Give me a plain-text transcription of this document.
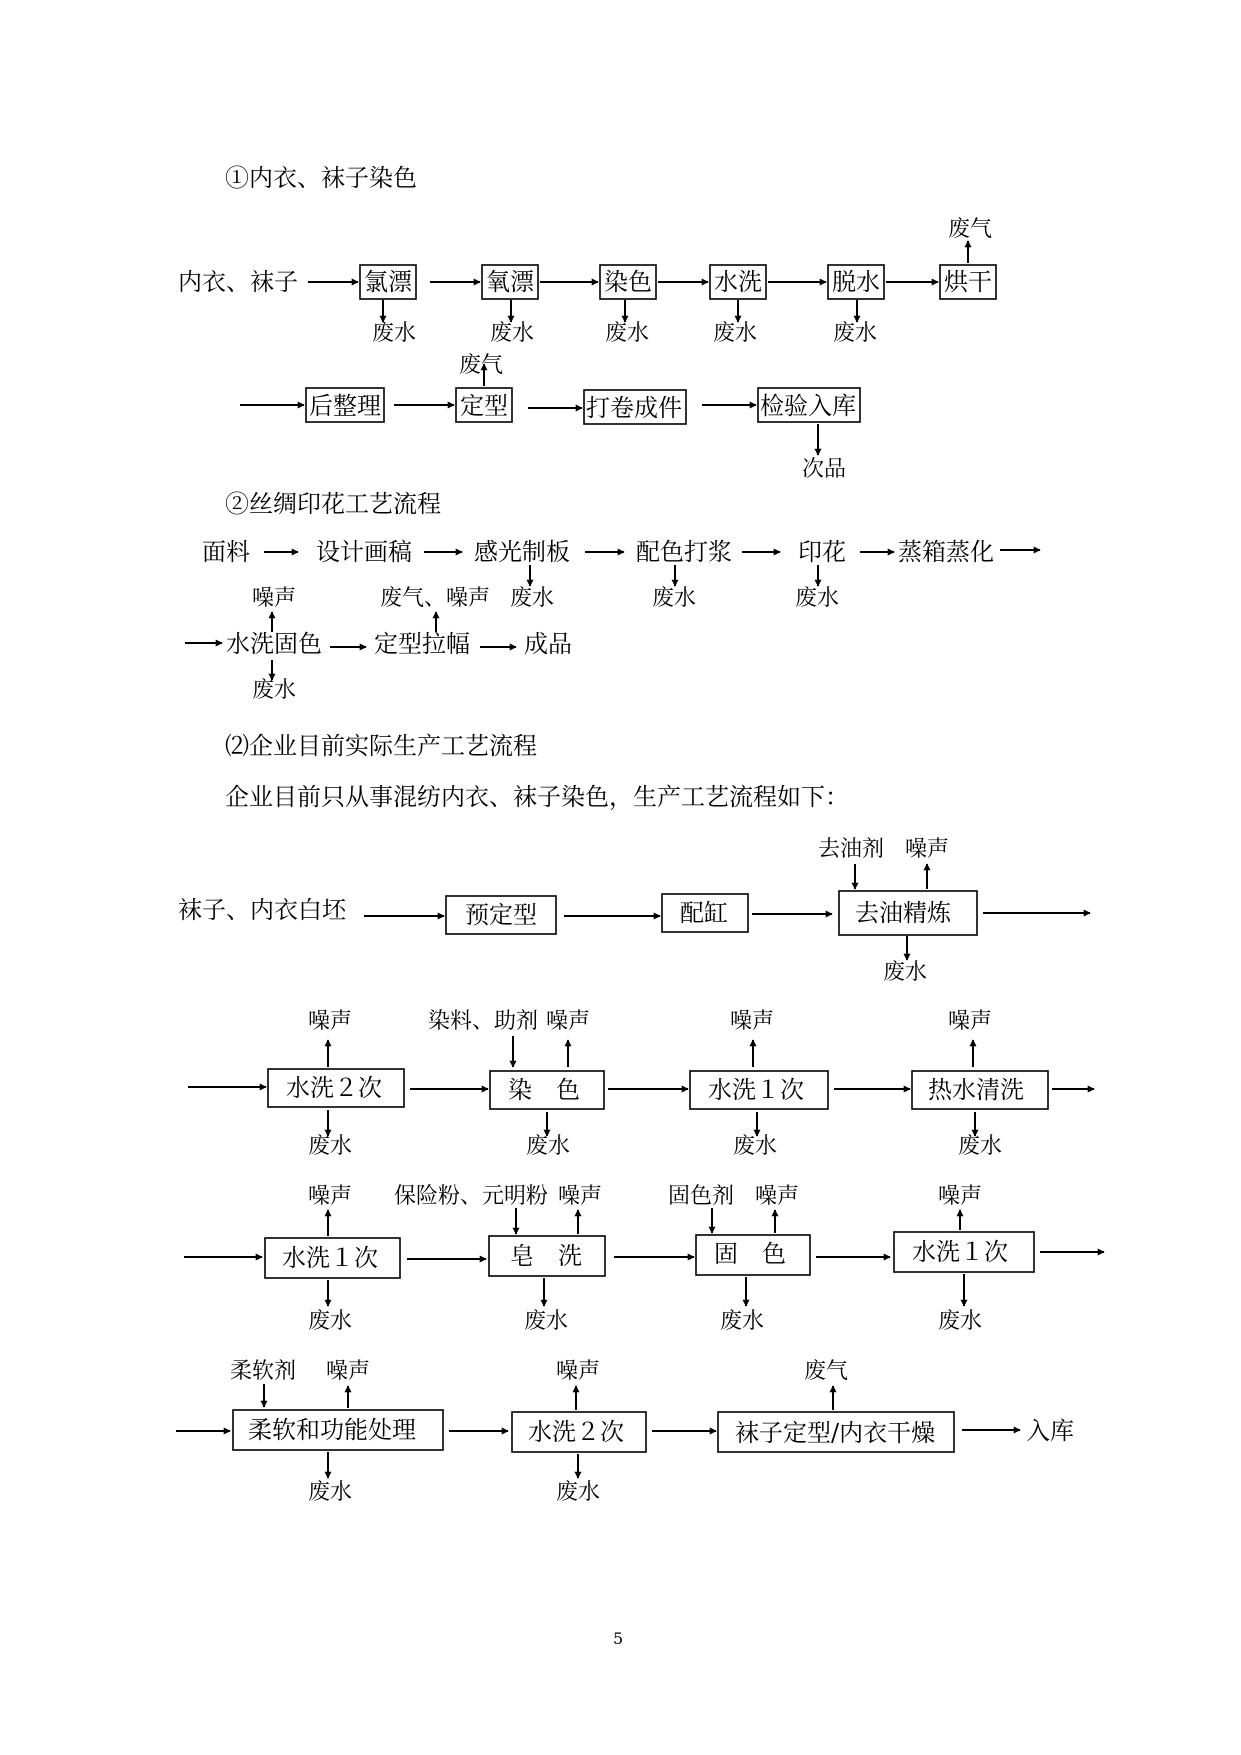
①内衣、袜子染色
内衣、袜子	氯漂	氧漂	染色	水洗	脱水	烘干
废气
废水	废水	废水	废水	废水
后整理	定型
废气
打卷成件	检验入库
次品
②丝绸印花工艺流程
面料	设计画稿	感光制板	配色打浆	印花 蒸箱蒸化
废水	废水	废水
噪声	废气、噪声
水洗固色 定型拉幅 成品
废水
⑵企业目前实际生产工艺流程
企业目前只从事混纺内衣、袜子染色，生产工艺流程如下：
袜子、内衣白坯	预定型	配缸	去油精炼
去油剂 噪声
废水
水洗２次	染　色	水洗１次	热水清洗
噪声	染料、助剂 噪声	噪声	噪声
废水	废水	废水	废水
水洗１次	皂　洗	固　色	水洗１次
噪声 保险粉、元明粉 噪声	固色剂 噪声	噪声
废水	废水	废水	废水
柔软和功能处理	水洗２次	袜子定型/内衣干燥	入库
柔软剂 噪声	噪声	废气
废水	废水
5
